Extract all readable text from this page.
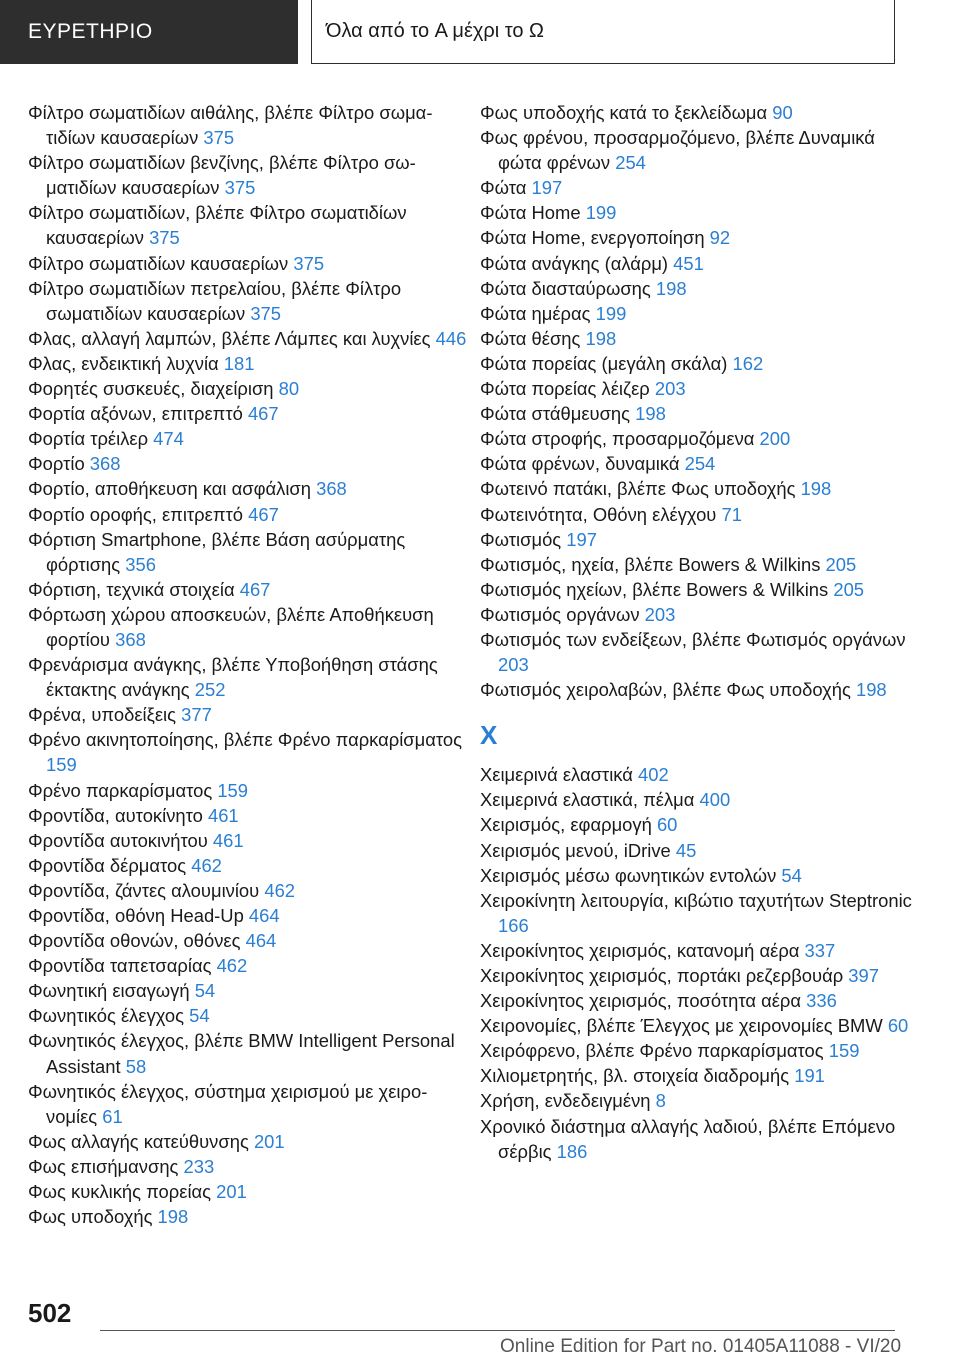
ΕΥΡΕΤΗΡΙΟ	Όλα από το A μέχρι το Ω

Φίλτρο σωματιδίων αιθάλης, βλέπε Φίλτρο σωματιδίων καυσαερίων 375

Φίλτρο σωματιδίων βενζίνης, βλέπε Φίλτρο σωματιδίων καυσαερίων 375

Φίλτρο σωματιδίων, βλέπε Φίλτρο σωματιδίων καυσαερίων 375

Φίλτρο σωματιδίων καυσαερίων 375

Φίλτρο σωματιδίων πετρελαίου, βλέπε Φίλτρο σωματιδίων καυσαερίων 375

Φλας, αλλαγή λαμπών, βλέπε Λάμπες και λυχνίες 446

Φλας, ενδεικτική λυχνία 181

Φορητές συσκευές, διαχείριση 80

Φορτία αξόνων, επιτρεπτό 467

Φορτία τρέιλερ 474

Φορτίο 368

Φορτίο, αποθήκευση και ασφάλιση 368

Φορτίο οροφής, επιτρεπτό 467

Φόρτιση Smartphone, βλέπε Βάση ασύρματης φόρτισης 356

Φόρτιση, τεχνικά στοιχεία 467

Φόρτωση χώρου αποσκευών, βλέπε Αποθήκευση φορτίου 368

Φρενάρισμα ανάγκης, βλέπε Υποβοήθηση στάσης έκτακτης ανάγκης 252

Φρένα, υποδείξεις 377

Φρένο ακινητοποίησης, βλέπε Φρένο παρκαρίσματος 159

Φρένο παρκαρίσματος 159

Φροντίδα, αυτοκίνητο 461

Φροντίδα αυτοκινήτου 461

Φροντίδα δέρματος 462

Φροντίδα, ζάντες αλουμινίου 462

Φροντίδα, οθόνη Head-Up 464

Φροντίδα οθονών, οθόνες 464

Φροντίδα ταπετσαρίας 462

Φωνητική εισαγωγή 54

Φωνητικός έλεγχος 54

Φωνητικός έλεγχος, βλέπε BMW Intelligent Personal Assistant 58

Φωνητικός έλεγχος, σύστημα χειρισμού με χειρονομίες 61

Φως αλλαγής κατεύθυνσης 201

Φως επισήμανσης 233

Φως κυκλικής πορείας 201

Φως υποδοχής 198

Φως υποδοχής κατά το ξεκλείδωμα 90

Φως φρένου, προσαρμοζόμενο, βλέπε Δυναμικά φώτα φρένων 254

Φώτα 197

Φώτα Home 199

Φώτα Home, ενεργοποίηση 92

Φώτα ανάγκης (αλάρμ) 451

Φώτα διασταύρωσης 198

Φώτα ημέρας 199

Φώτα θέσης 198

Φώτα πορείας (μεγάλη σκάλα) 162

Φώτα πορείας λέιζερ 203

Φώτα στάθμευσης 198

Φώτα στροφής, προσαρμοζόμενα 200

Φώτα φρένων, δυναμικά 254

Φωτεινό πατάκι, βλέπε Φως υποδοχής 198

Φωτεινότητα, Οθόνη ελέγχου 71

Φωτισμός 197

Φωτισμός, ηχεία, βλέπε Bowers & Wilkins 205

Φωτισμός ηχείων, βλέπε Bowers & Wilkins 205

Φωτισμός οργάνων 203

Φωτισμός των ενδείξεων, βλέπε Φωτισμός οργάνων 203

Φωτισμός χειρολαβών, βλέπε Φως υποδοχής 198

Χ

Χειμερινά ελαστικά 402

Χειμερινά ελαστικά, πέλμα 400

Χειρισμός, εφαρμογή 60

Χειρισμός μενού, iDrive 45

Χειρισμός μέσω φωνητικών εντολών 54

Χειροκίνητη λειτουργία, κιβώτιο ταχυτήτων Steptronic 166

Χειροκίνητος χειρισμός, κατανομή αέρα 337

Χειροκίνητος χειρισμός, πορτάκι ρεζερβουάρ 397

Χειροκίνητος χειρισμός, ποσότητα αέρα 336

Χειρονομίες, βλέπε Έλεγχος με χειρονομίες BMW 60

Χειρόφρενο, βλέπε Φρένο παρκαρίσματος 159

Χιλιομετρητής, βλ. στοιχεία διαδρομής 191

Χρήση, ενδεδειγμένη 8

Χρονικό διάστημα αλλαγής λαδιού, βλέπε Επόμενο σέρβις 186

502
Online Edition for Part no. 01405A11088 - VI/20
